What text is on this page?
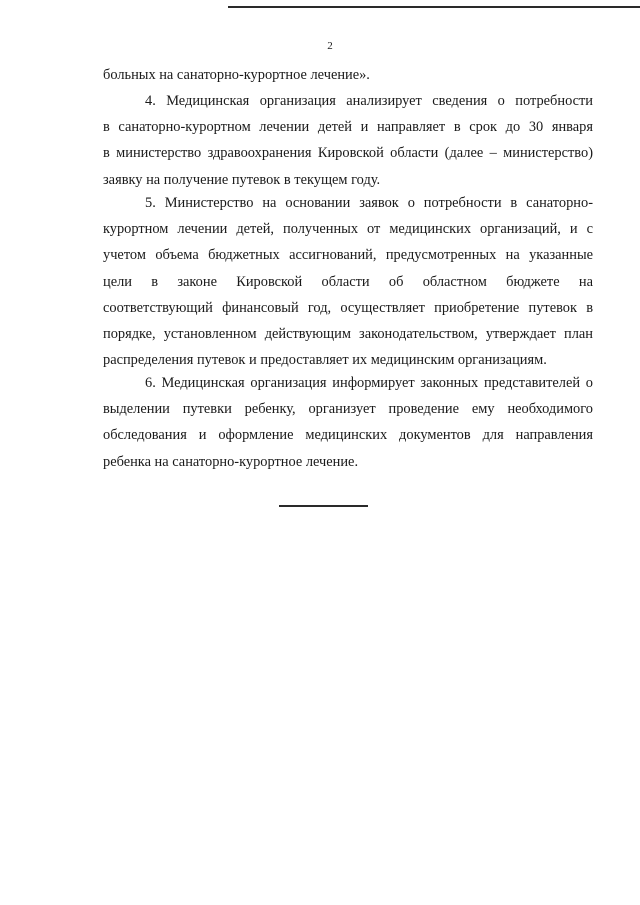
2
больных на санаторно-курортное лечение».
4. Медицинская организация анализирует сведения о потребности
в санаторно-курортном лечении детей и направляет в срок до 30 января
в министерство здравоохранения Кировской области (далее – министерство)
заявку на получение путевок в текущем году.
5. Министерство на основании заявок о потребности в санаторно-
курортном лечении детей, полученных от медицинских организаций, и с
учетом объема бюджетных ассигнований, предусмотренных на указанные
цели в законе Кировской области об областном бюджете на
соответствующий финансовый год, осуществляет приобретение путевок в
порядке, установленном действующим законодательством, утверждает план
распределения путевок и предоставляет их медицинским организациям.
6. Медицинская организация информирует законных представителей о
выделении путевки ребенку, организует проведение ему необходимого
обследования и оформление медицинских документов для направления
ребенка на санаторно-курортное лечение.
